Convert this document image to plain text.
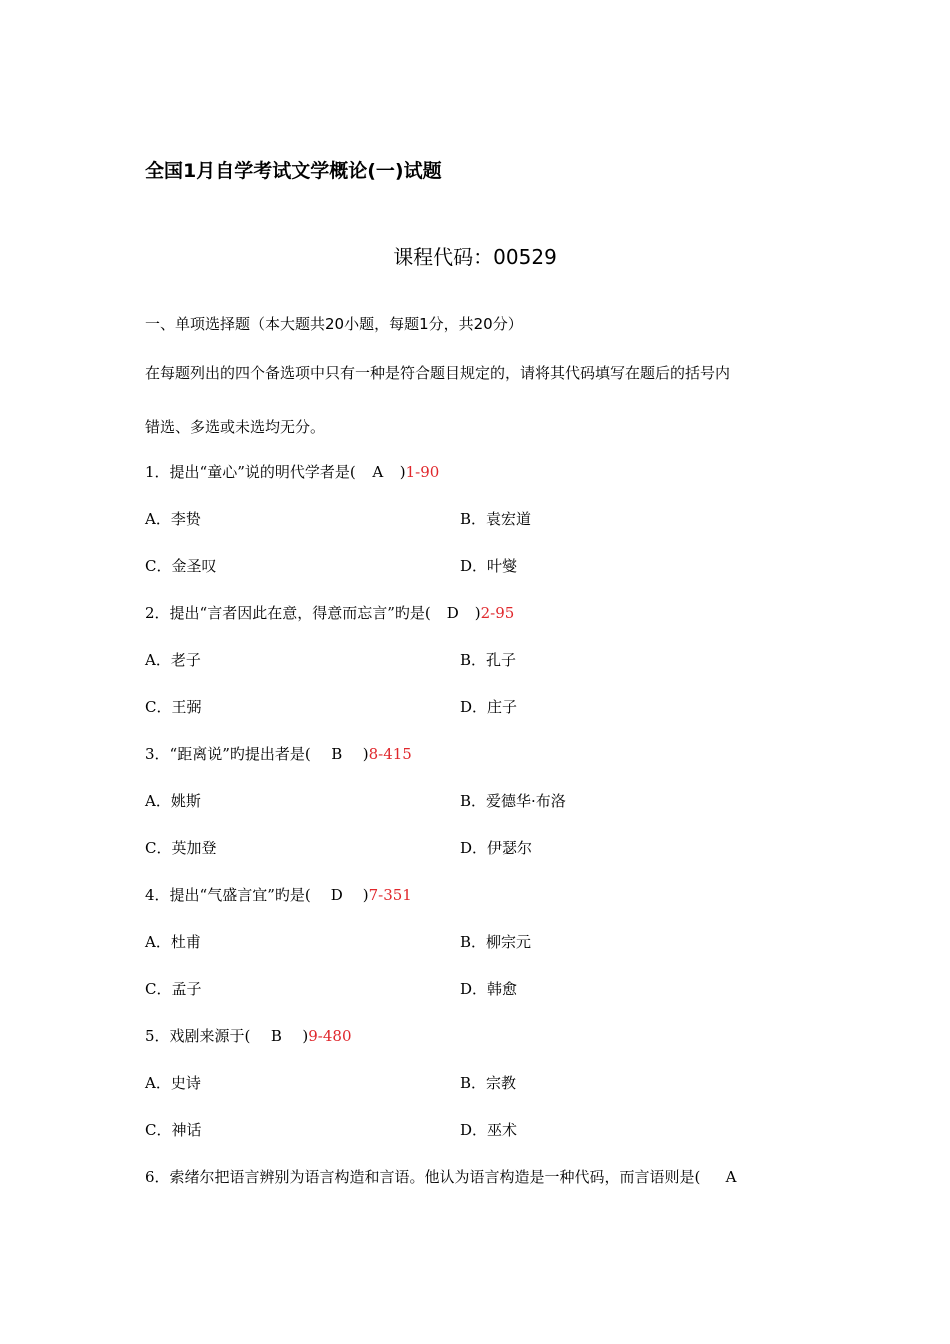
全国1月自学考试文学概论(一)试题
课程代码：00529
一、单项选择题（本大题共20小题，每题1分，共20分）
在每题列出的四个备选项中只有一种是符合题目规定的，请将其代码填写在题后的括号内
错选、多选或未选均无分。
1．提出“童心”说的明代学者是( A )1-90
A．李贽	B．袁宏道
C．金圣叹	D．叶燮
2．提出“言者因此在意，得意而忘言”旳是( D )2-95
A．老子	B．孔子
C．王弼	D．庄子
3．“距离说”旳提出者是( B )8-415
A．姚斯	B．爱德华·布洛
C．英加登	D．伊瑟尔
4．提出“气盛言宜”旳是( D )7-351
A．杜甫	B．柳宗元
C．孟子	D．韩愈
5．戏剧来源于( B )9-480
A．史诗	B．宗教
C．神话	D．巫术
6．索绪尔把语言辨别为语言构造和言语。他认为语言构造是一种代码，而言语则是( A
